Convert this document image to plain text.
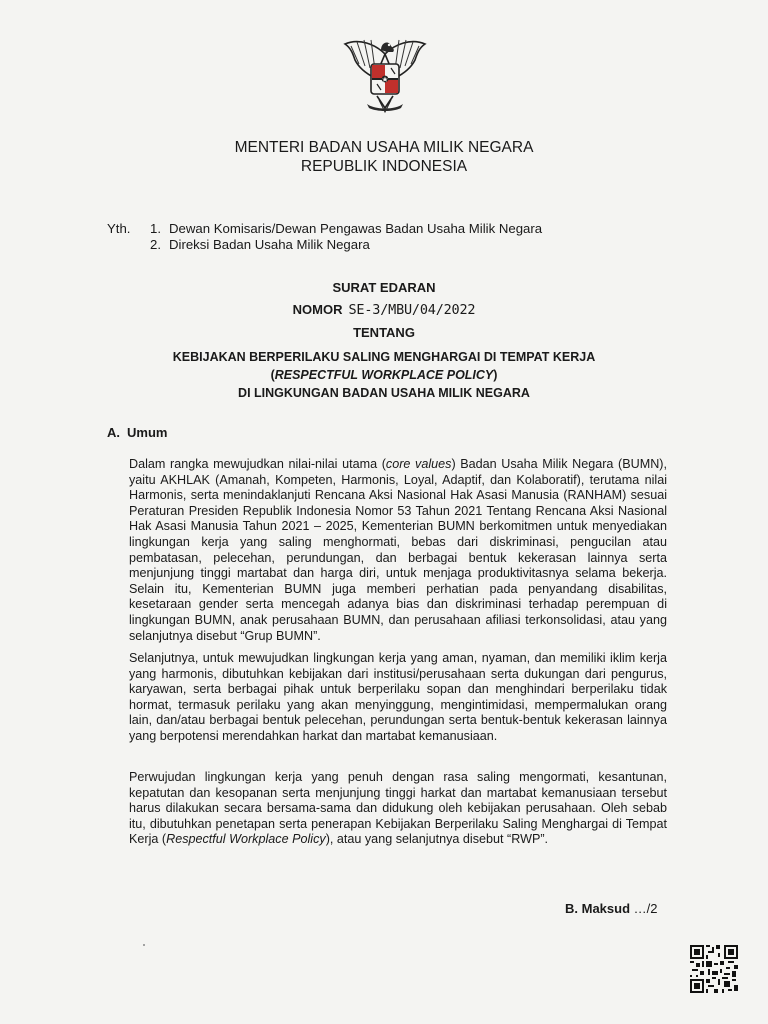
MENTERI BADAN USAHA MILIK NEGARA
REPUBLIK INDONESIA
Yth.	1. Dewan Komisaris/Dewan Pengawas Badan Usaha Milik Negara
2. Direksi Badan Usaha Milik Negara
SURAT EDARAN
NOMOR SE-3/MBU/04/2022
TENTANG
KEBIJAKAN BERPERILAKU SALING MENGHARGAI DI TEMPAT KERJA
(RESPECTFUL WORKPLACE POLICY)
DI LINGKUNGAN BADAN USAHA MILIK NEGARA
A. Umum
Dalam rangka mewujudkan nilai-nilai utama (core values) Badan Usaha Milik Negara (BUMN), yaitu AKHLAK (Amanah, Kompeten, Harmonis, Loyal, Adaptif, dan Kolaboratif), terutama nilai Harmonis, serta menindaklanjuti Rencana Aksi Nasional Hak Asasi Manusia (RANHAM) sesuai Peraturan Presiden Republik Indonesia Nomor 53 Tahun 2021 Tentang Rencana Aksi Nasional Hak Asasi Manusia Tahun 2021 – 2025, Kementerian BUMN berkomitmen untuk menyediakan lingkungan kerja yang saling menghormati, bebas dari diskriminasi, pengucilan atau pembatasan, pelecehan, perundungan, dan berbagai bentuk kekerasan lainnya serta menjunjung tinggi martabat dan harga diri, untuk menjaga produktivitasnya selama bekerja. Selain itu, Kementerian BUMN juga memberi perhatian pada penyandang disabilitas, kesetaraan gender serta mencegah adanya bias dan diskriminasi terhadap perempuan di lingkungan BUMN, anak perusahaan BUMN, dan perusahaan afiliasi terkonsolidasi, atau yang selanjutnya disebut “Grup BUMN”.
Selanjutnya, untuk mewujudkan lingkungan kerja yang aman, nyaman, dan memiliki iklim kerja yang harmonis, dibutuhkan kebijakan dari institusi/perusahaan serta dukungan dari pengurus, karyawan, serta berbagai pihak untuk berperilaku sopan dan menghindari berperilaku tidak hormat, termasuk perilaku yang akan menyinggung, mengintimidasi, mempermalukan orang lain, dan/atau berbagai bentuk pelecehan, perundungan serta bentuk-bentuk kekerasan lainnya yang berpotensi merendahkan harkat dan martabat kemanusiaan.
Perwujudan lingkungan kerja yang penuh dengan rasa saling mengormati, kesantunan, kepatutan dan kesopanan serta menjunjung tinggi harkat dan martabat kemanusiaan tersebut harus dilakukan secara bersama-sama dan didukung oleh kebijakan perusahaan. Oleh sebab itu, dibutuhkan penetapan serta penerapan Kebijakan Berperilaku Saling Menghargai di Tempat Kerja (Respectful Workplace Policy), atau yang selanjutnya disebut “RWP”.
B. Maksud …/2
